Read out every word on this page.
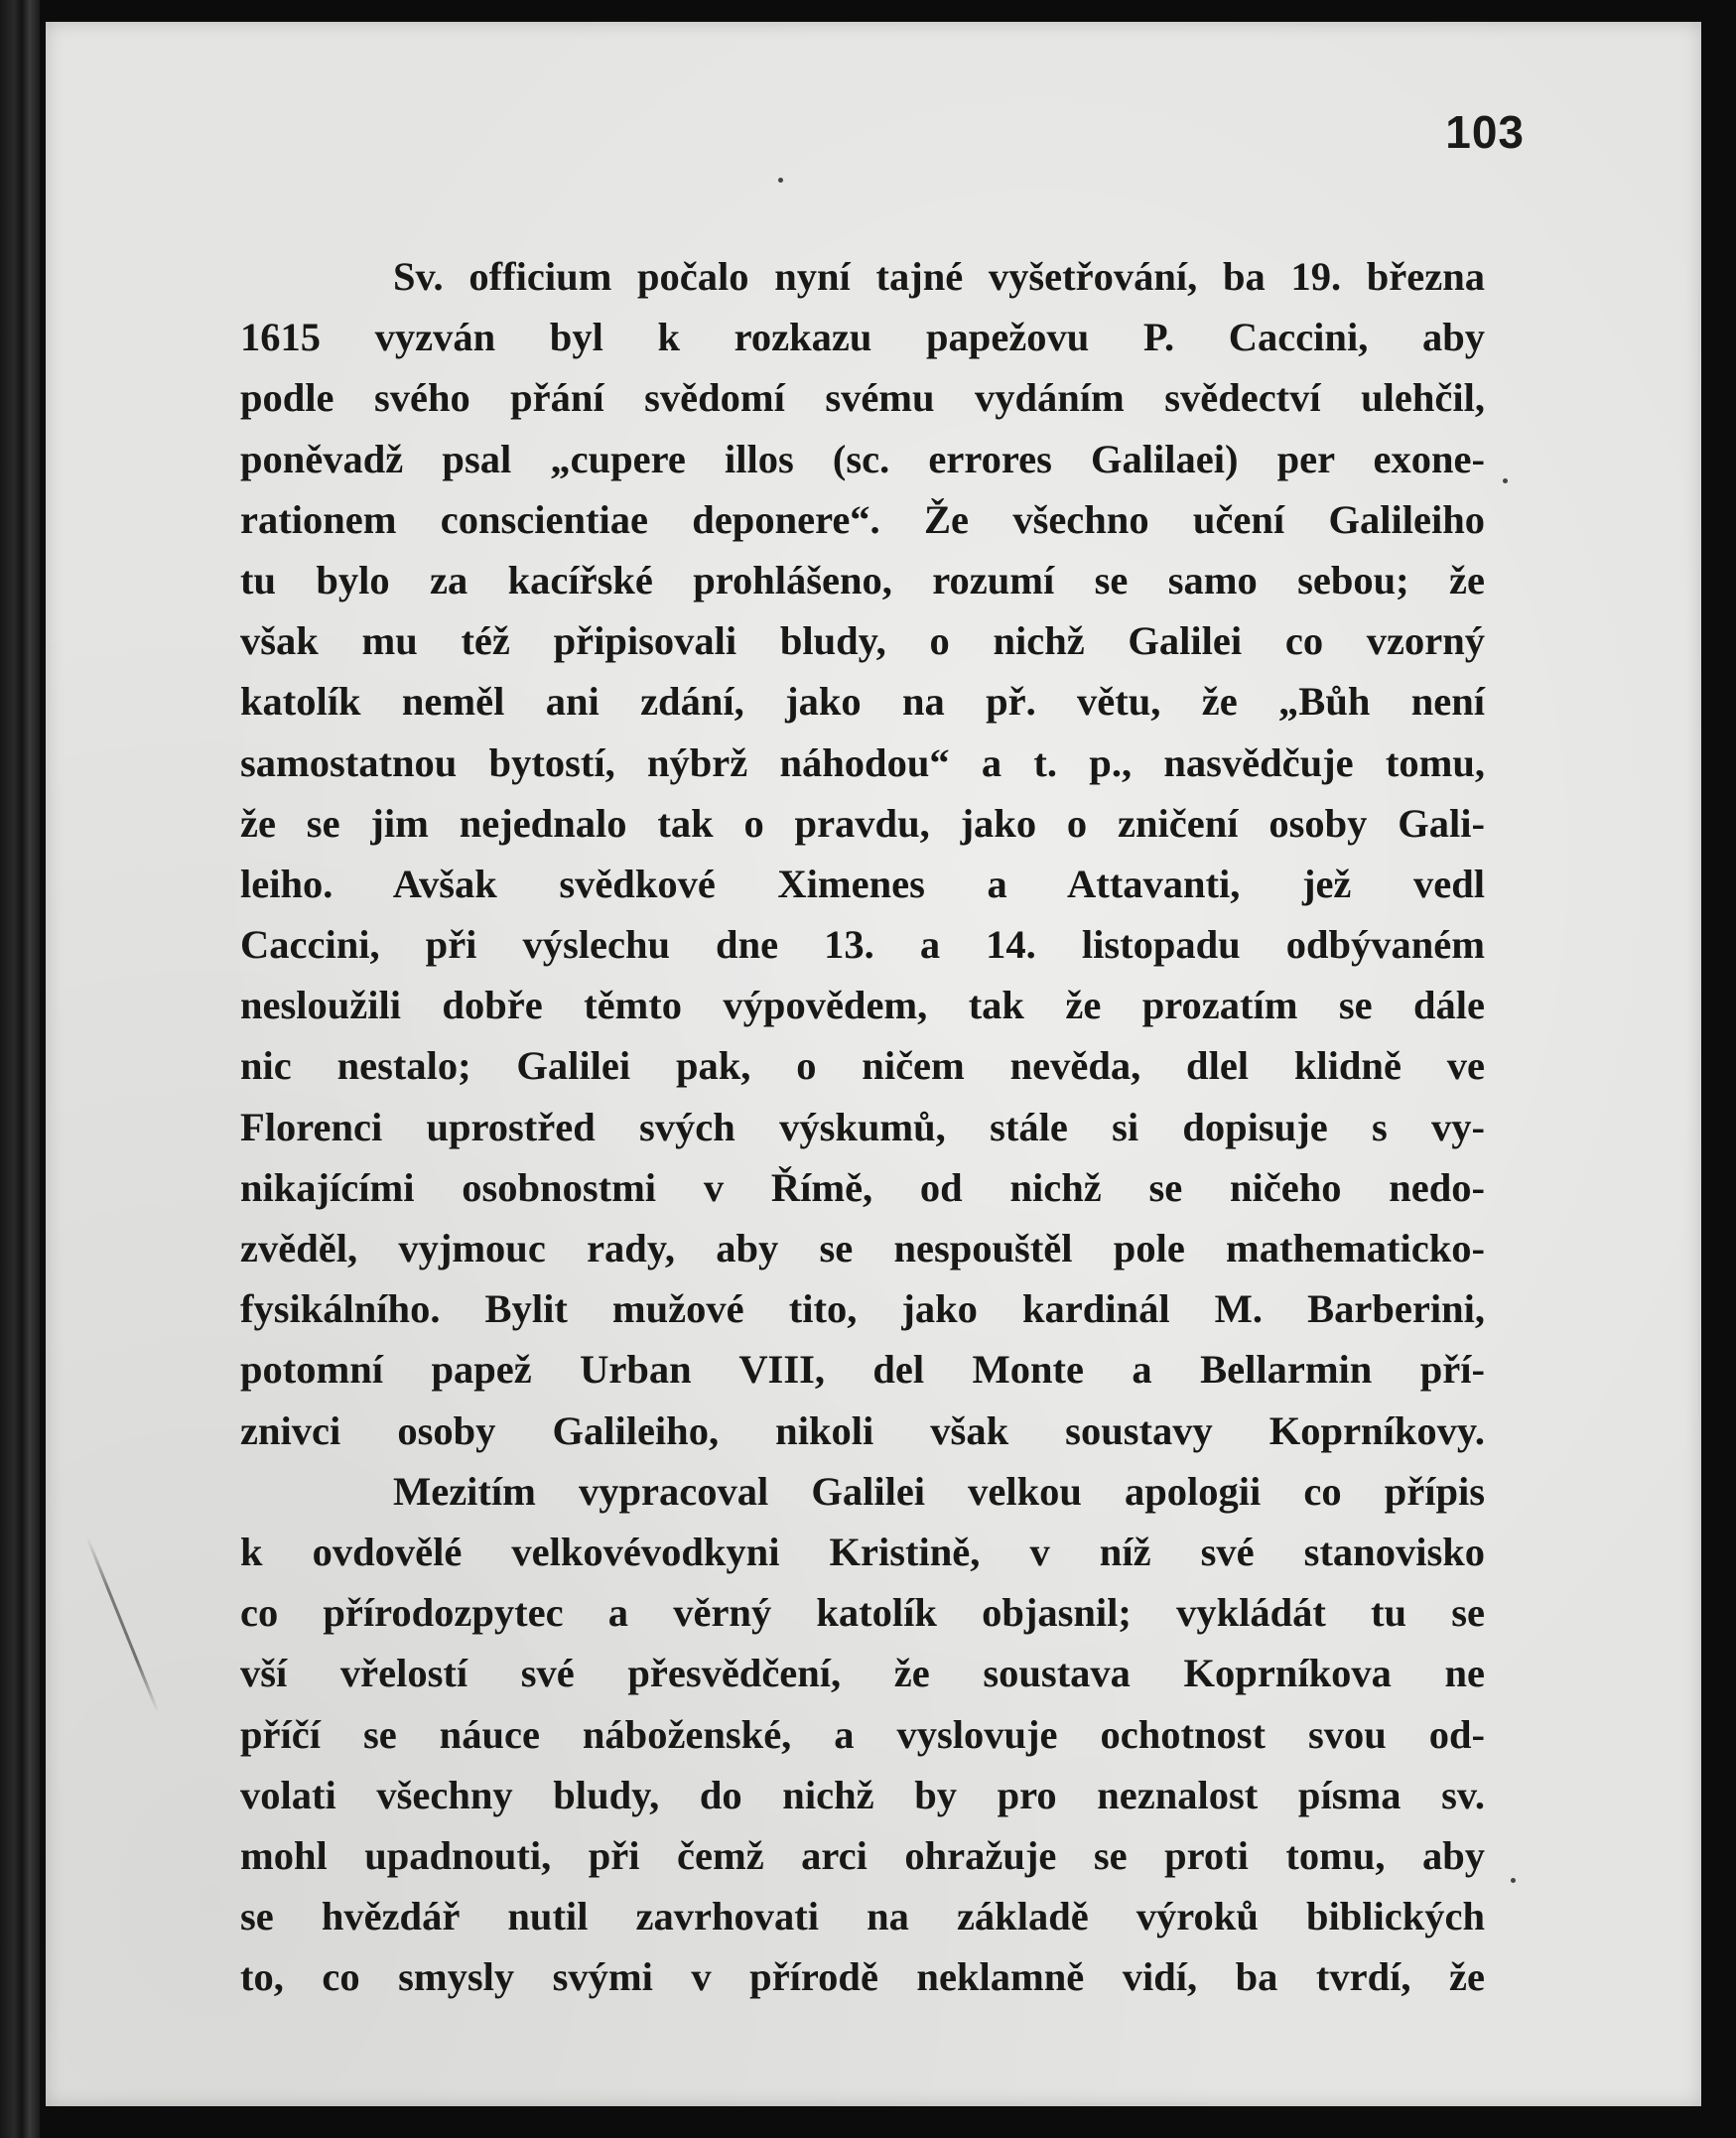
103

Sv. officium počalo nyní tajné vyšetřování, ba 19. března
1615 vyzván byl k rozkazu papežovu P. Caccini, aby
podle svého přání svědomí svému vydáním svědectví ulehčil,
poněvadž psal „cupere illos (sc. errores Galilaei) per exone-
rationem conscientiae deponere“. Že všechno učení Galileiho
tu bylo za kacířské prohlášeno, rozumí se samo sebou; že
však mu též připisovali bludy, o nichž Galilei co vzorný
katolík neměl ani zdání, jako na př. větu, že „Bůh není
samostatnou bytostí, nýbrž náhodou“ a t. p., nasvědčuje tomu,
že se jim nejednalo tak o pravdu, jako o zničení osoby Gali-
leiho. Avšak svědkové Ximenes a Attavanti, jež vedl
Caccini, při výslechu dne 13. a 14. listopadu odbývaném
nesloužili dobře těmto výpovědem, tak že prozatím se dále
nic nestalo; Galilei pak, o ničem nevěda, dlel klidně ve
Florenci uprostřed svých výskumů, stále si dopisuje s vy-
nikajícími osobnostmi v Římě, od nichž se ničeho nedo-
zvěděl, vyjmouc rady, aby se nespouštěl pole mathematicko-
fysikálního. Bylit mužové tito, jako kardinál M. Barberini,
potomní papež Urban VIII, del Monte a Bellarmin pří-
znivci osoby Galileiho, nikoli však soustavy Koprníkovy.
Mezitím vypracoval Galilei velkou apologii co přípis
k ovdovělé velkovévodkyni Kristině, v níž své stanovisko
co přírodozpytec a věrný katolík objasnil; vykládát tu se
vší vřelostí své přesvědčení, že soustava Koprníkova ne
příčí se náuce náboženské, a vyslovuje ochotnost svou od-
volati všechny bludy, do nichž by pro neznalost písma sv.
mohl upadnouti, při čemž arci ohražuje se proti tomu, aby
se hvězdář nutil zavrhovati na základě výroků biblických
to, co smysly svými v přírodě neklamně vidí, ba tvrdí, že
